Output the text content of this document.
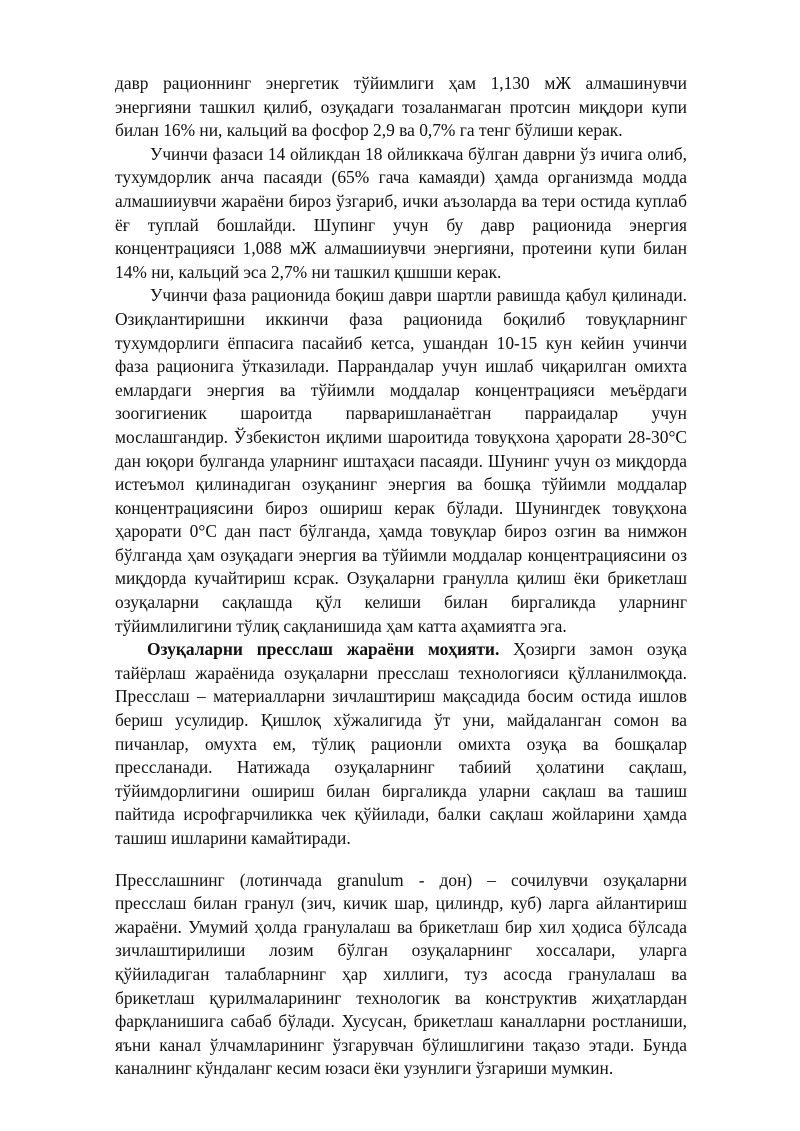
давр рационнинг энергетик тўйимлиги ҳам 1,130 мЖ алмашинувчи энергияни ташкил қилиб, озуқадаги тозаланмаган протсин миқдори купи билан 16% ни, кальций ва фосфор 2,9 ва 0,7% га тенг бўлиши керак.

Учинчи фазаси 14 ойликдан 18 ойликкача бўлган даврни ўз ичига олиб, тухумдорлик анча пасаяди (65% гача камаяди) ҳамда организмда модда алмашииувчи жараёни бироз ўзгариб, ички аъзоларда ва тери остида куплаб ёғ туплай бошлайди. Шупинг учун бу давр рационида энергия концентрацияси 1,088 мЖ алмашииувчи энергияни, протеини купи билан 14% ни, кальций эса 2,7% ни ташкил қшшши керак.

Учинчи фаза рационида боқиш даври шартли равишда қабул қилинади. Озиқлантиришни иккинчи фаза рационида боқилиб товуқларнинг тухумдорлиги ёппасига пасайиб кетса, ушандан 10-15 кун кейин учинчи фаза рационига ўтказилади. Паррандалар учун ишлаб чиқарилган омихта емлардаги энергия ва тўйимли моддалар концентрацияси меъёрдаги зоогигиеник шароитда парваришланаётган парраидалар учун мослашгандир. Ўзбекистон иқлими шароитида товуқхона ҳарорати 28-30°С дан юқори булганда уларнинг иштаҳаси пасаяди. Шунинг учун оз миқдорда истеъмол қилинадиган озуқанинг энергия ва бошқа тўйимли моддалар концентрациясини бироз ошириш керак бўлади. Шунингдек товуқхона ҳарорати 0°С дан паст бўлганда, ҳамда товуқлар бироз озгин ва нимжон бўлганда ҳам озуқадаги энергия ва тўйимли моддалар концентрациясини оз миқдорда кучайтириш кcрак. Озуқаларни гранулла қилиш ёки брикетлаш озуқаларни сақлашда қўл келиши билан биргаликда уларнинг тўйимлилигини тўлиқ сақланишида ҳам катта аҳамиятга эга.

Озуқаларни пресслаш жараёни моҳияти. Ҳозирги замон озуқа тайёрлаш жараёнида озуқаларни пресслаш технологияси қўлланилмоқда. Пресслаш – материалларни зичлаштириш мақсадида босим остида ишлов бериш усулидир. Қишлоқ хўжалигида ўт уни, майдаланган сомон ва пичанлар, омухта ем, тўлиқ рационли омихта озуқа ва бошқалар прессланади. Натижада озуқаларнинг табиий ҳолатини сақлаш, тўйимдорлигини ошириш билан биргаликда уларни сақлаш ва ташиш пайтида исрофгарчиликка чек қўйилади, балки сақлаш жойларини ҳамда ташиш ишларини камайтиради.

Пресслашнинг (лотинчада granulum - дон) – сочилувчи озуқаларни пресслаш билан гранул (зич, кичик шар, цилиндр, куб) ларга айлантириш жараёни. Умумий ҳолда гранулалаш ва брикетлаш бир хил ҳодиса бўлсада зичлаштирилиши лозим бўлган озуқаларнинг хоссалари, уларга қўйиладиган талабларнинг ҳар хиллиги, туз асосда гранулалаш ва брикетлаш қурилмаларининг технологик ва конструктив жиҳатлардан фарқланишига сабаб бўлади. Хусусан, брикетлаш каналларни ростланиши, яъни канал ўлчамларининг ўзгарувчан бўлишлигини тақазо этади. Бунда каналнинг кўндаланг кесим юзаси ёки узунлиги ўзгариши мумкин.
